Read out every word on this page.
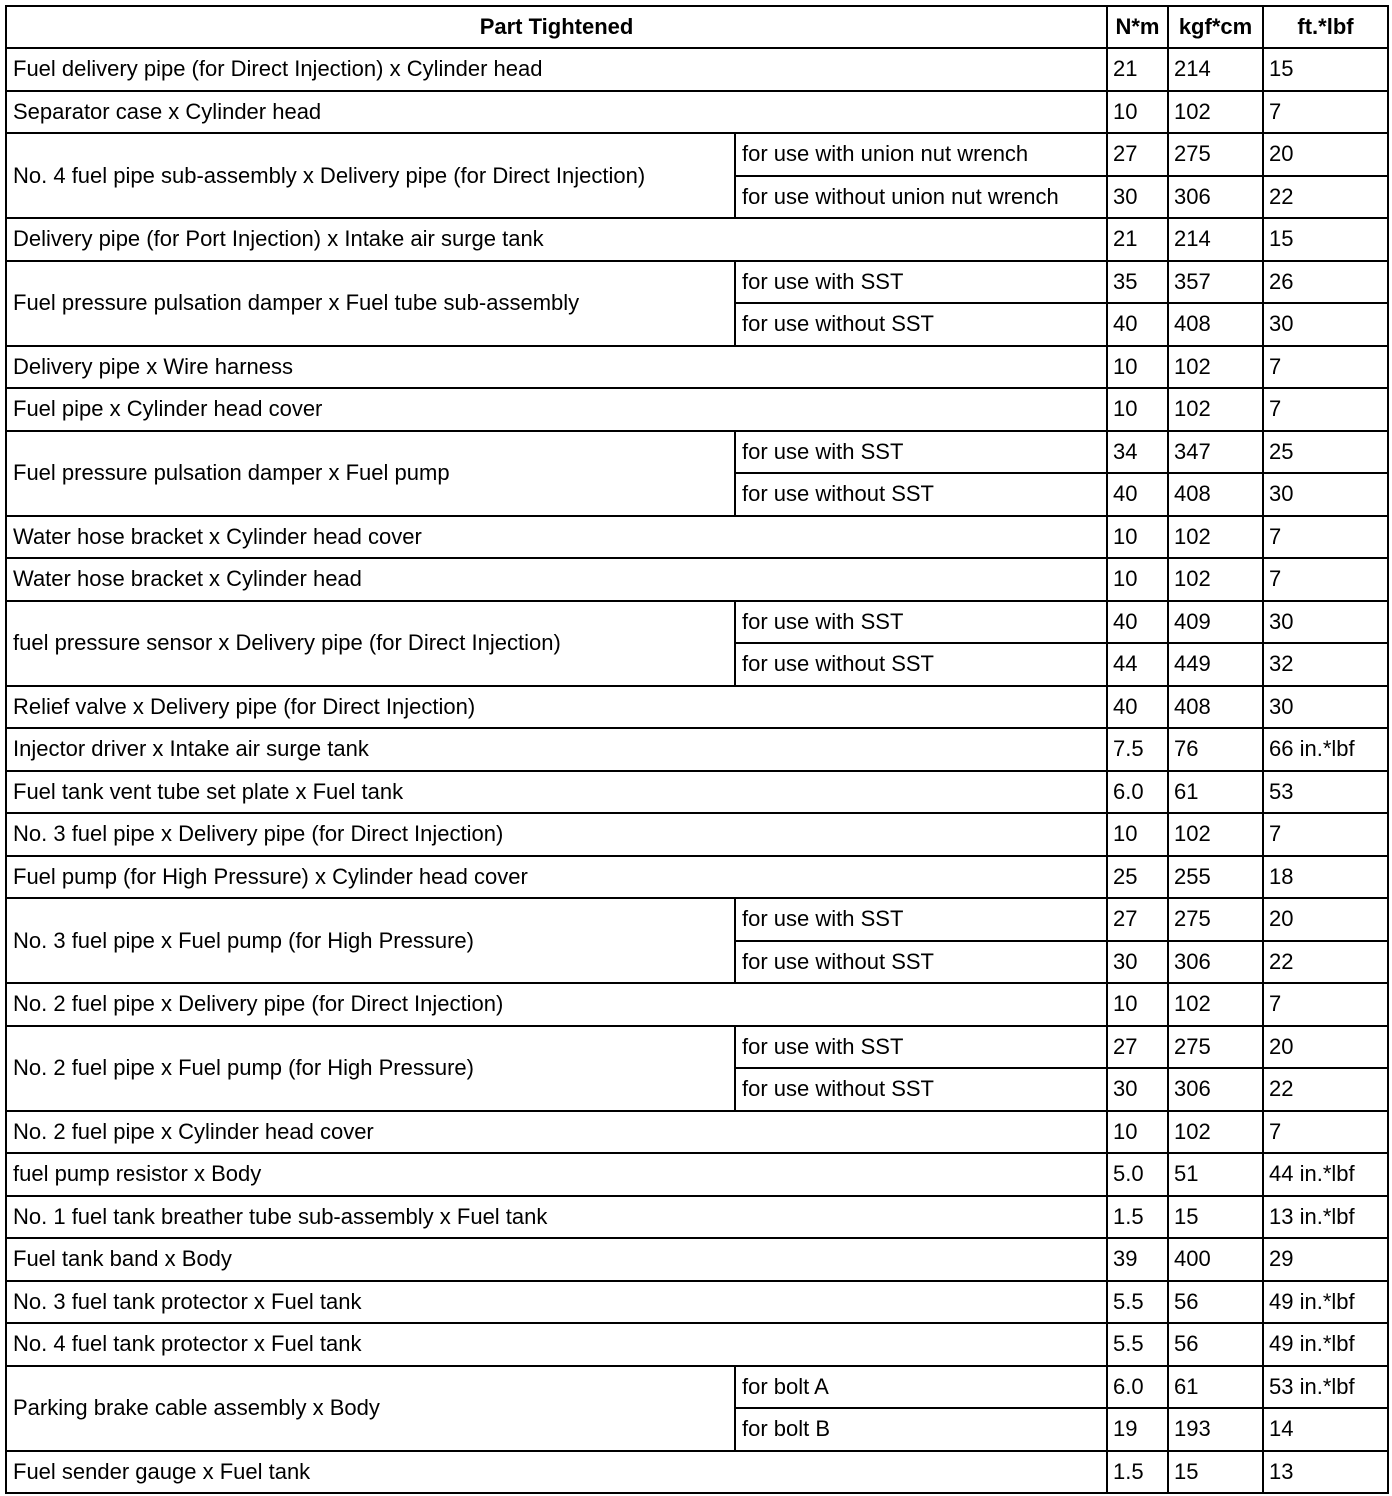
Part Tightened		N*m	kgf*cm	ft.*lbf
Fuel delivery pipe (for Direct Injection) x Cylinder head		21	214	15
Separator case x Cylinder head		10	102	7
No. 4 fuel pipe sub-assembly x Delivery pipe (for Direct Injection)	for use with union nut wrench	27	275	20
	for use without union nut wrench	30	306	22
Delivery pipe (for Port Injection) x Intake air surge tank		21	214	15
Fuel pressure pulsation damper x Fuel tube sub-assembly	for use with SST	35	357	26
	for use without SST	40	408	30
Delivery pipe x Wire harness		10	102	7
Fuel pipe x Cylinder head cover		10	102	7
Fuel pressure pulsation damper x Fuel pump	for use with SST	34	347	25
	for use without SST	40	408	30
Water hose bracket x Cylinder head cover		10	102	7
Water hose bracket x Cylinder head		10	102	7
fuel pressure sensor x Delivery pipe (for Direct Injection)	for use with SST	40	409	30
	for use without SST	44	449	32
Relief valve x Delivery pipe (for Direct Injection)		40	408	30
Injector driver x Intake air surge tank		7.5	76	66 in.*lbf
Fuel tank vent tube set plate x Fuel tank		6.0	61	53
No. 3 fuel pipe x Delivery pipe (for Direct Injection)		10	102	7
Fuel pump (for High Pressure) x Cylinder head cover		25	255	18
No. 3 fuel pipe x Fuel pump (for High Pressure)	for use with SST	27	275	20
	for use without SST	30	306	22
No. 2 fuel pipe x Delivery pipe (for Direct Injection)		10	102	7
No. 2 fuel pipe x Fuel pump (for High Pressure)	for use with SST	27	275	20
	for use without SST	30	306	22
No. 2 fuel pipe x Cylinder head cover		10	102	7
fuel pump resistor x Body		5.0	51	44 in.*lbf
No. 1 fuel tank breather tube sub-assembly x Fuel tank		1.5	15	13 in.*lbf
Fuel tank band x Body		39	400	29
No. 3 fuel tank protector x Fuel tank		5.5	56	49 in.*lbf
No. 4 fuel tank protector x Fuel tank		5.5	56	49 in.*lbf
Parking brake cable assembly x Body	for bolt A	6.0	61	53 in.*lbf
	for bolt B	19	193	14
Fuel sender gauge x Fuel tank		1.5	15	13
